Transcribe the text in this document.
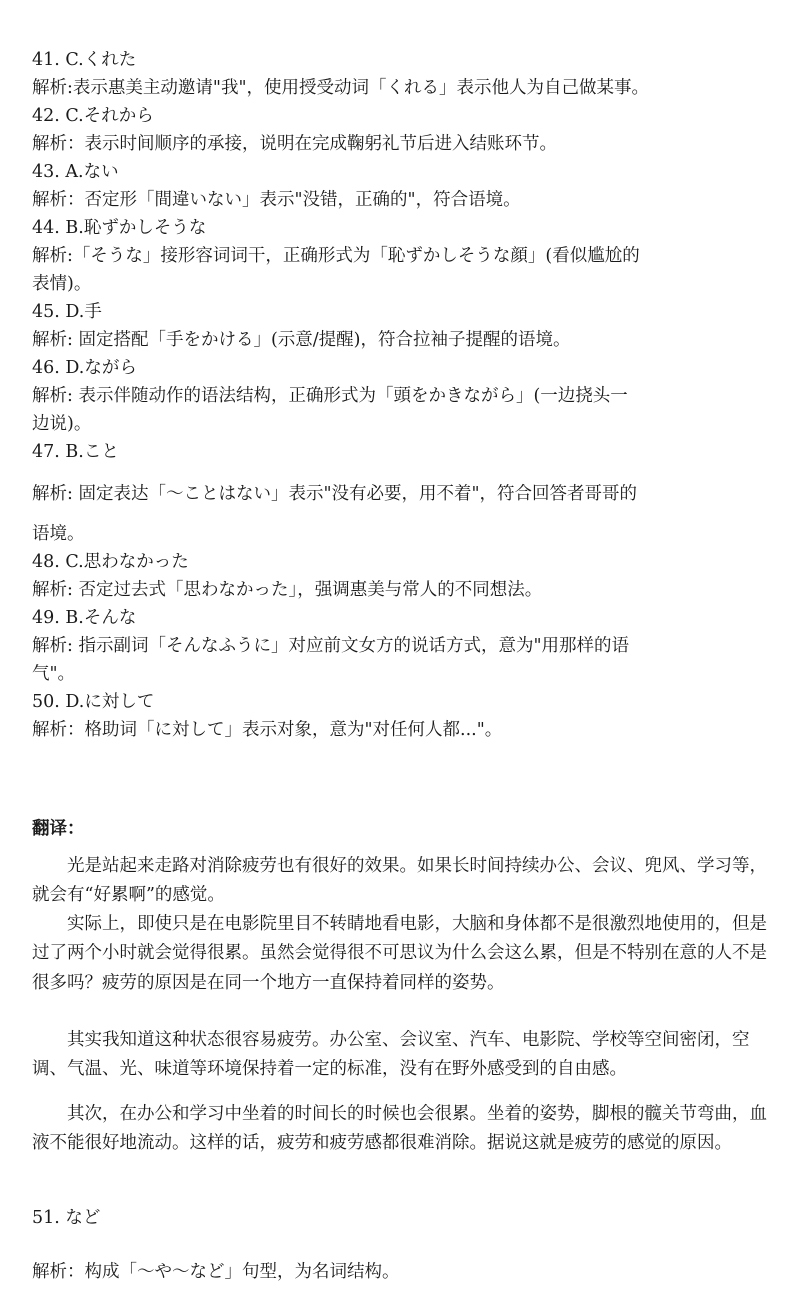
41. C.くれた
解析:表示惠美主动邀请"我"，使用授受动词「くれる」表示他人为自己做某事。
42. C.それから
解析：表示时间顺序的承接，说明在完成鞠躬礼节后进入结账环节。
43. A.ない
解析：否定形「間違いない」表示"没错，正确的"，符合语境。
44. B.恥ずかしそうな
解析:「そうな」接形容词词干，正确形式为「恥ずかしそうな顔」(看似尴尬的
表情)。
45. D.手
解析: 固定搭配「手をかける」(示意/提醒)，符合拉袖子提醒的语境。
46. D.ながら
解析: 表示伴随动作的语法结构，正确形式为「頭をかきながら」(一边挠头一
边说)。
47. B.こと
解析: 固定表达「～ことはない」表示"没有必要，用不着"，符合回答者哥哥的
语境。
48. C.思わなかった
解析: 否定过去式「思わなかった」，强调惠美与常人的不同想法。
49. B.そんな
解析: 指示副词「そんなふうに」对应前文女方的说话方式，意为"用那样的语
气"。
50. D.に対して
解析：格助词「に対して」表示对象，意为"对任何人都..."。
翻译：
光是站起来走路对消除疲劳也有很好的效果。如果长时间持续办公、会议、兜风、学习等，就会有“好累啊”的感觉。
实际上，即使只是在电影院里目不转睛地看电影，大脑和身体都不是很激烈地使用的，但是过了两个小时就会觉得很累。虽然会觉得很不可思议为什么会这么累，但是不特别在意的人不是很多吗？疲劳的原因是在同一个地方一直保持着同样的姿势。
其实我知道这种状态很容易疲劳。办公室、会议室、汽车、电影院、学校等空间密闭，空调、气温、光、味道等环境保持着一定的标准，没有在野外感受到的自由感。
其次，在办公和学习中坐着的时间长的时候也会很累。坐着的姿势，脚根的髋关节弯曲，血液不能很好地流动。这样的话，疲劳和疲劳感都很难消除。据说这就是疲劳的感觉的原因。
51. など
解析：构成「～や～など」句型，为名词结构。
